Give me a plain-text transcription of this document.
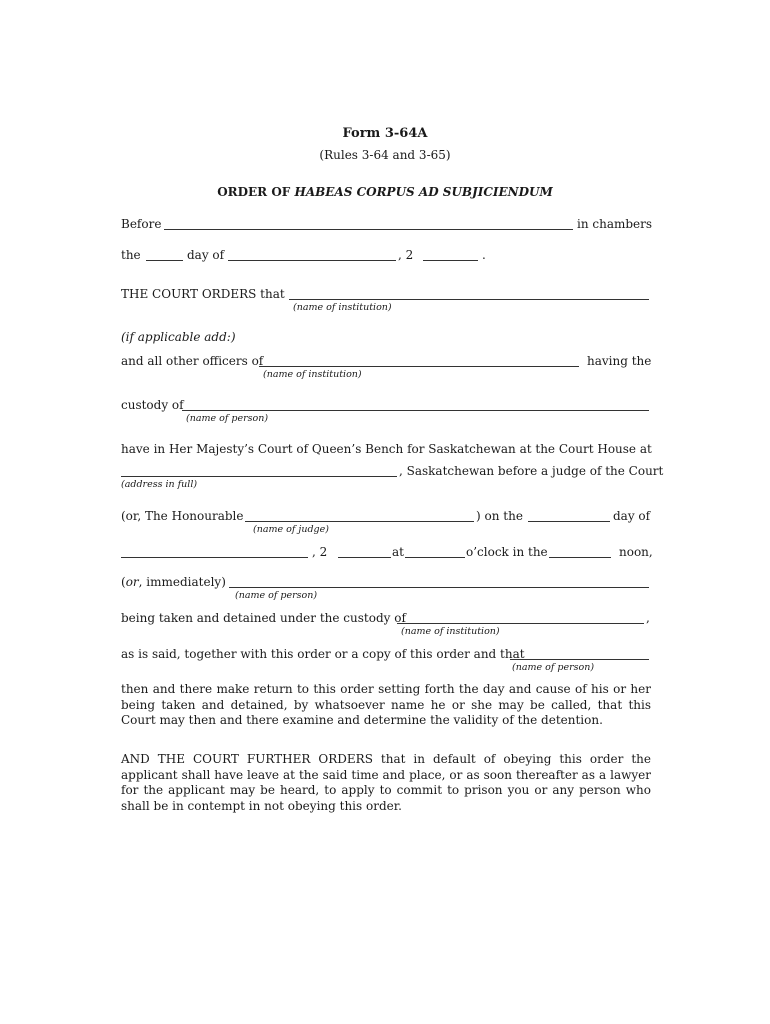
Form 3-64A
(Rules 3-64 and 3-65)
ORDER OF HABEAS CORPUS AD SUBJICIENDUM
Before	in chambers
the	day of	, 2	.
THE COURT ORDERS that
(name of institution)
(if applicable add:)
and all other officers of	having the
(name of institution)
custody of
(name of person)
have in Her Majesty’s Court of Queen’s Bench for Saskatchewan at the Court House at
, Saskatchewan before a judge of the Court
(address in full)
(or, The Honourable	) on the	day of
(name of judge)
, 2	at	o’clock in the	noon,
(or, immediately)
(name of person)
being taken and detained under the custody of	,
(name of institution)
as is said, together with this order or a copy of this order and that
(name of person)
then and there make return to this order setting forth the day and cause of his or her being taken and detained, by whatsoever name he or she may be called, that this Court may then and there examine and determine the validity of the detention.
AND THE COURT FURTHER ORDERS that in default of obeying this order the applicant shall have leave at the said time and place, or as soon thereafter as a lawyer for the applicant may be heard, to apply to commit to prison you or any person who shall be in contempt in not obeying this order.
